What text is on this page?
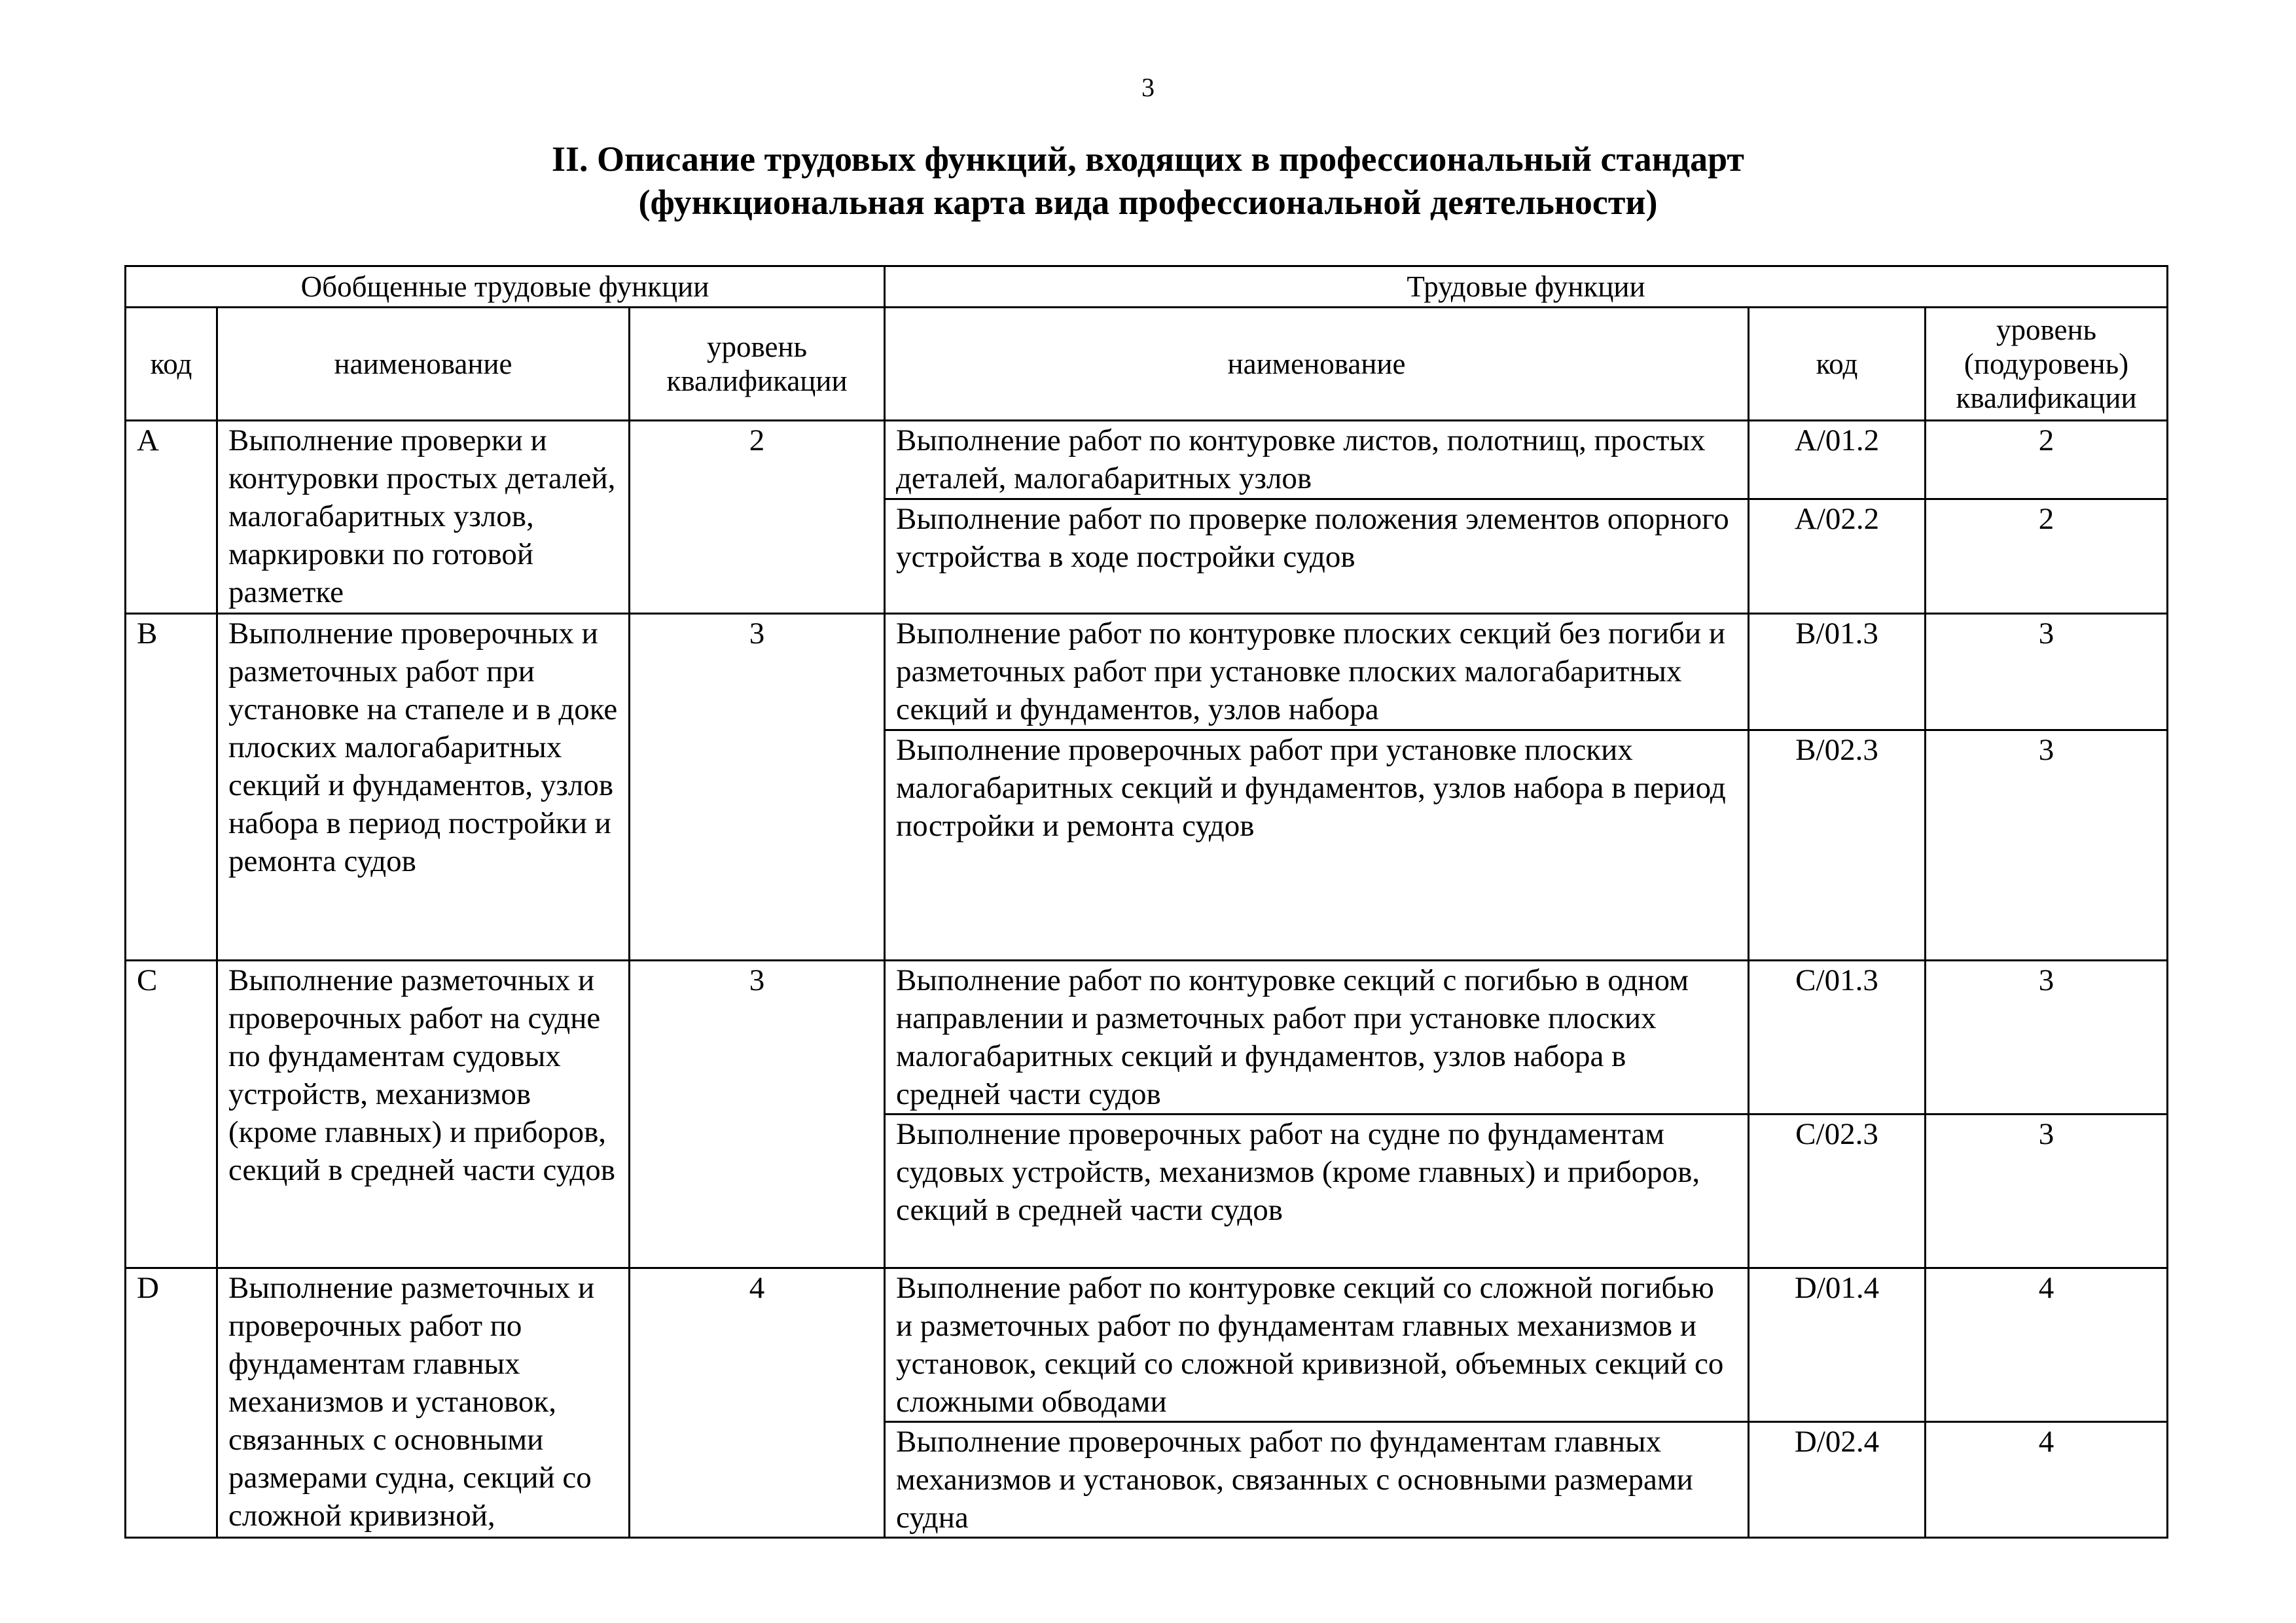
3
II. Описание трудовых функций, входящих в профессиональный стандарт
(функциональная карта вида профессиональной деятельности)
Обобщенные трудовые функции			Трудовые функции		
код	наименование	уровень квалификации	наименование	код	уровень (подуровень) квалификации
A	Выполнение проверки и контуровки простых деталей, малогабаритных узлов, маркировки по готовой разметке	2	Выполнение работ по контуровке листов, полотнищ, простых деталей, малогабаритных узлов	A/01.2	2
			Выполнение работ по проверке положения элементов опорного устройства в ходе постройки судов	A/02.2	2
B	Выполнение проверочных и разметочных работ при установке на стапеле и в доке плоских малогабаритных секций и фундаментов, узлов набора в период постройки и ремонта судов	3	Выполнение работ по контуровке плоских секций без погиби и разметочных работ при установке плоских малогабаритных секций и фундаментов, узлов набора	B/01.3	3
			Выполнение проверочных работ при установке плоских малогабаритных секций и фундаментов, узлов набора в период постройки и ремонта судов	B/02.3	3
C	Выполнение разметочных и проверочных работ на судне по фундаментам судовых устройств, механизмов (кроме главных) и приборов, секций в средней части судов	3	Выполнение работ по контуровке секций с погибью в одном направлении и разметочных работ при установке плоских малогабаритных секций и фундаментов, узлов набора в средней части судов	C/01.3	3
			Выполнение проверочных работ на судне по фундаментам судовых устройств, механизмов (кроме главных) и приборов, секций в средней части судов	C/02.3	3
D	Выполнение разметочных и проверочных работ по фундаментам главных механизмов и установок, связанных с основными размерами судна, секций со сложной кривизной,	4	Выполнение работ по контуровке секций со сложной погибью и разметочных работ по фундаментам главных механизмов и установок, секций со сложной кривизной, объемных секций со сложными обводами	D/01.4	4
			Выполнение проверочных работ по фундаментам главных механизмов и установок, связанных с основными размерами судна	D/02.4	4
